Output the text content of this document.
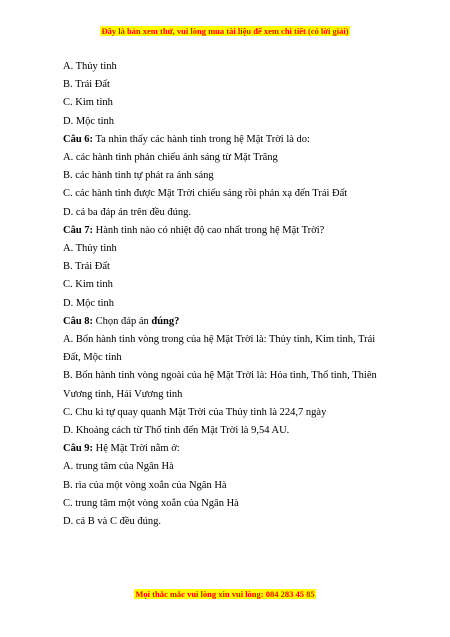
Đây là bản xem thử, vui lòng mua tài liệu để xem chi tiết (có lời giải)

A. Thủy tinh

B. Trái Đất

C. Kim tinh

D. Mộc tinh

Câu 6: Ta nhìn thấy các hành tinh trong hệ Mặt Trời là do:

A. các hành tinh phản chiếu ánh sáng từ Mặt Trăng

B. các hành tinh tự phát ra ánh sáng

C. các hành tinh được Mặt Trời chiếu sáng rồi phản xạ đến Trái Đất

D. cả ba đáp án trên đều đúng.

Câu 7: Hành tinh nào có nhiệt độ cao nhất trong hệ Mặt Trời?

A. Thủy tinh

B. Trái Đất

C. Kim tinh

D. Mộc tinh

Câu 8: Chọn đáp án đúng?

A. Bốn hành tinh vòng trong của hệ Mặt Trời là: Thủy tinh, Kim tinh, Trái Đất, Mộc tinh

B. Bốn hành tinh vòng ngoài của hệ Mặt Trời là: Hỏa tinh, Thổ tinh, Thiên Vương tinh, Hải Vương tinh

C. Chu kì tự quay quanh Mặt Trời của Thủy tinh là 224,7 ngày

D. Khoảng cách từ Thổ tinh đến Mặt Trời là 9,54 AU.

Câu 9: Hệ Mặt Trời nằm ở:

A. trung tâm của Ngân Hà

B. rìa của một vòng xoắn của Ngân Hà

C. trung tâm một vòng xoắn của Ngân Hà

D. cả B và C đều đúng.

Mọi thắc mắc vui lòng xin vui lòng: 084 283 45 85
